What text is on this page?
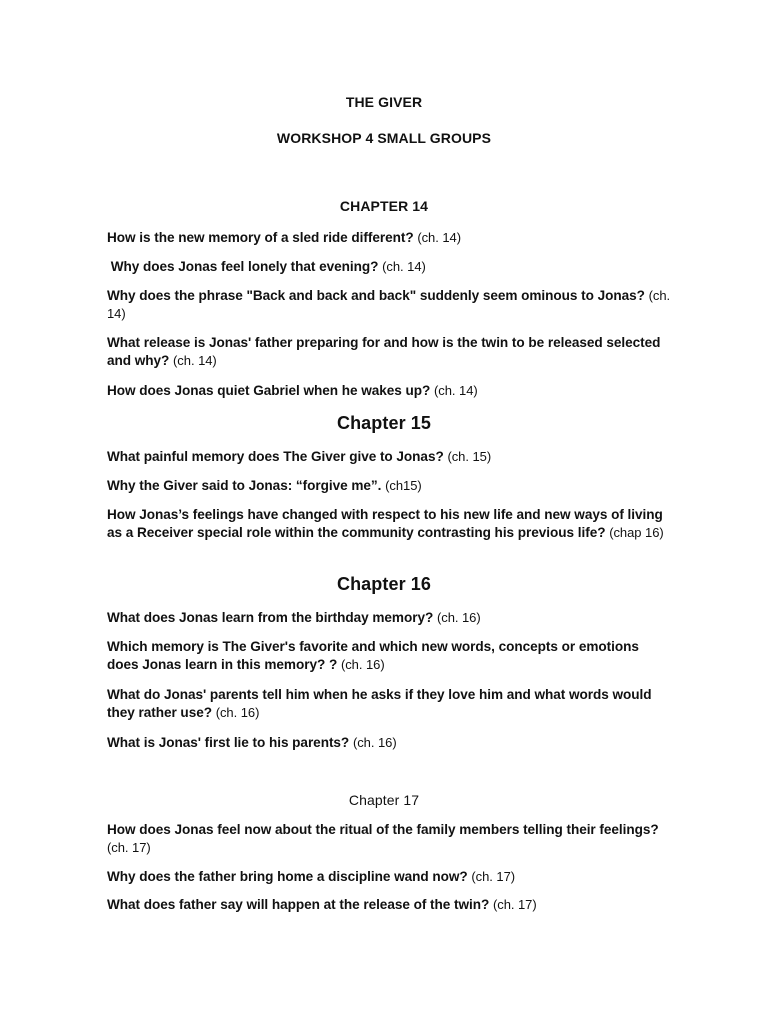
THE GIVER
WORKSHOP 4 SMALL GROUPS
CHAPTER 14
How is the new memory of a sled ride different? (ch. 14)
Why does Jonas feel lonely that evening? (ch. 14)
Why does the phrase "Back and back and back" suddenly seem ominous to Jonas? (ch. 14)
What release is Jonas' father preparing for and how is the twin to be released selected and why? (ch. 14)
How does Jonas quiet Gabriel when he wakes up? (ch. 14)
Chapter 15
What painful memory does The Giver give to Jonas? (ch. 15)
Why the Giver said to Jonas: “forgive me”. (ch15)
How Jonas’s feelings have changed with respect to his new life and new ways of living as a Receiver special role within the community contrasting his previous life? (chap 16)
Chapter 16
What does Jonas learn from the birthday memory? (ch. 16)
Which memory is The Giver's favorite and which new words, concepts or emotions does Jonas learn in this memory? ? (ch. 16)
What do Jonas' parents tell him when he asks if they love him and what words would they rather use? (ch. 16)
What is Jonas' first lie to his parents? (ch. 16)
Chapter 17
How does Jonas feel now about the ritual of the family members telling their feelings? (ch. 17)
Why does the father bring home a discipline wand now? (ch. 17)
What does father say will happen at the release of the twin? (ch. 17)
